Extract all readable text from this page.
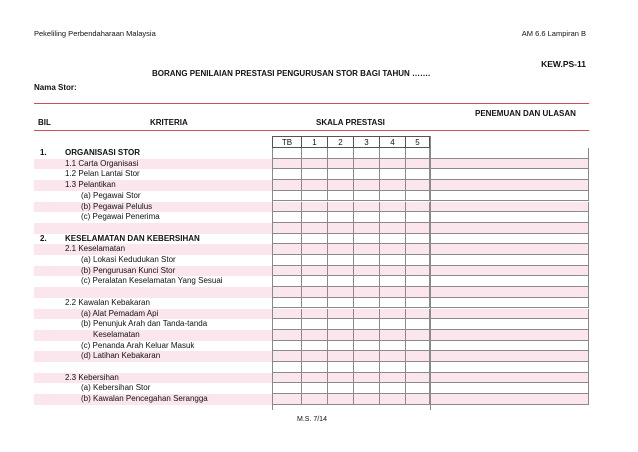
Pekeliling Perbendaharaan Malaysia	AM 6.6 Lampiran B
KEW.PS-11
BORANG PENILAIAN PRESTASI PENGURUSAN STOR BAGI TAHUN …….
Nama Stor:
PENEMUAN DAN ULASAN
BIL	KRITERIA	SKALA PRESTASI
TB	1	2	3	4	5
1. ORGANISASI STOR
1.1 Carta Organisasi
1.2 Pelan Lantai Stor
1.3 Pelantikan
(a) Pegawai Stor
(b) Pegawai Pelulus
(c) Pegawai Penerima
2. KESELAMATAN DAN KEBERSIHAN
2.1 Keselamatan
(a) Lokasi Kedudukan Stor
(b) Pengurusan Kunci Stor
(c) Peralatan Keselamatan Yang Sesuai
2.2 Kawalan Kebakaran
(a) Alat Pemadam Api
(b) Penunjuk Arah dan Tanda-tanda
Keselamatan
(c) Penanda Arah Keluar Masuk
(d) Latihan Kebakaran
2.3 Kebersihan
(a) Kebersihan Stor
(b) Kawalan Pencegahan Serangga
M.S. 7/14
